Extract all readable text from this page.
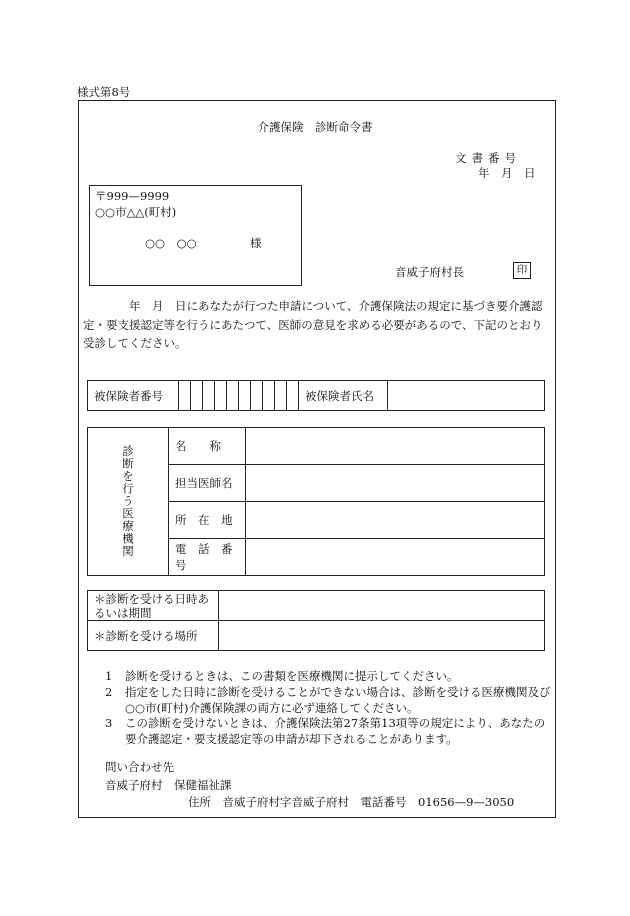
様式第8号
介護保険　診断命令書
文書番号
年　月　日
〒999—9999
○○市△△(町村)
○○　○○	様
音威子府村長	印
年　月　日にあなたが行つた申請について、介護保険法の規定に基づき要介護認定・要支援認定等を行うにあたつて、医師の意見を求める必要があるので、下記のとおり受診してください。
被保険者番号											被保険者氏名	
診断を行う医療機関	名　　称	
	担当医師名	
	所　在　地	
	電　話　番　号	
＊診断を受ける日時あるいは期間	
＊診断を受ける場所	
1 診断を受けるときは、この書類を医療機関に提示してください。
2 指定をした日時に診断を受けることができない場合は、診断を受ける医療機関及び○○市(町村)介護保険課の両方に必ず連絡してください。
3 この診断を受けないときは、介護保険法第27条第13項等の規定により、あなたの要介護認定・要支援認定等の申請が却下されることがあります。
問い合わせ先
音威子府村　保健福祉課
住所　音威子府村字音威子府村　電話番号　01656—9—3050
